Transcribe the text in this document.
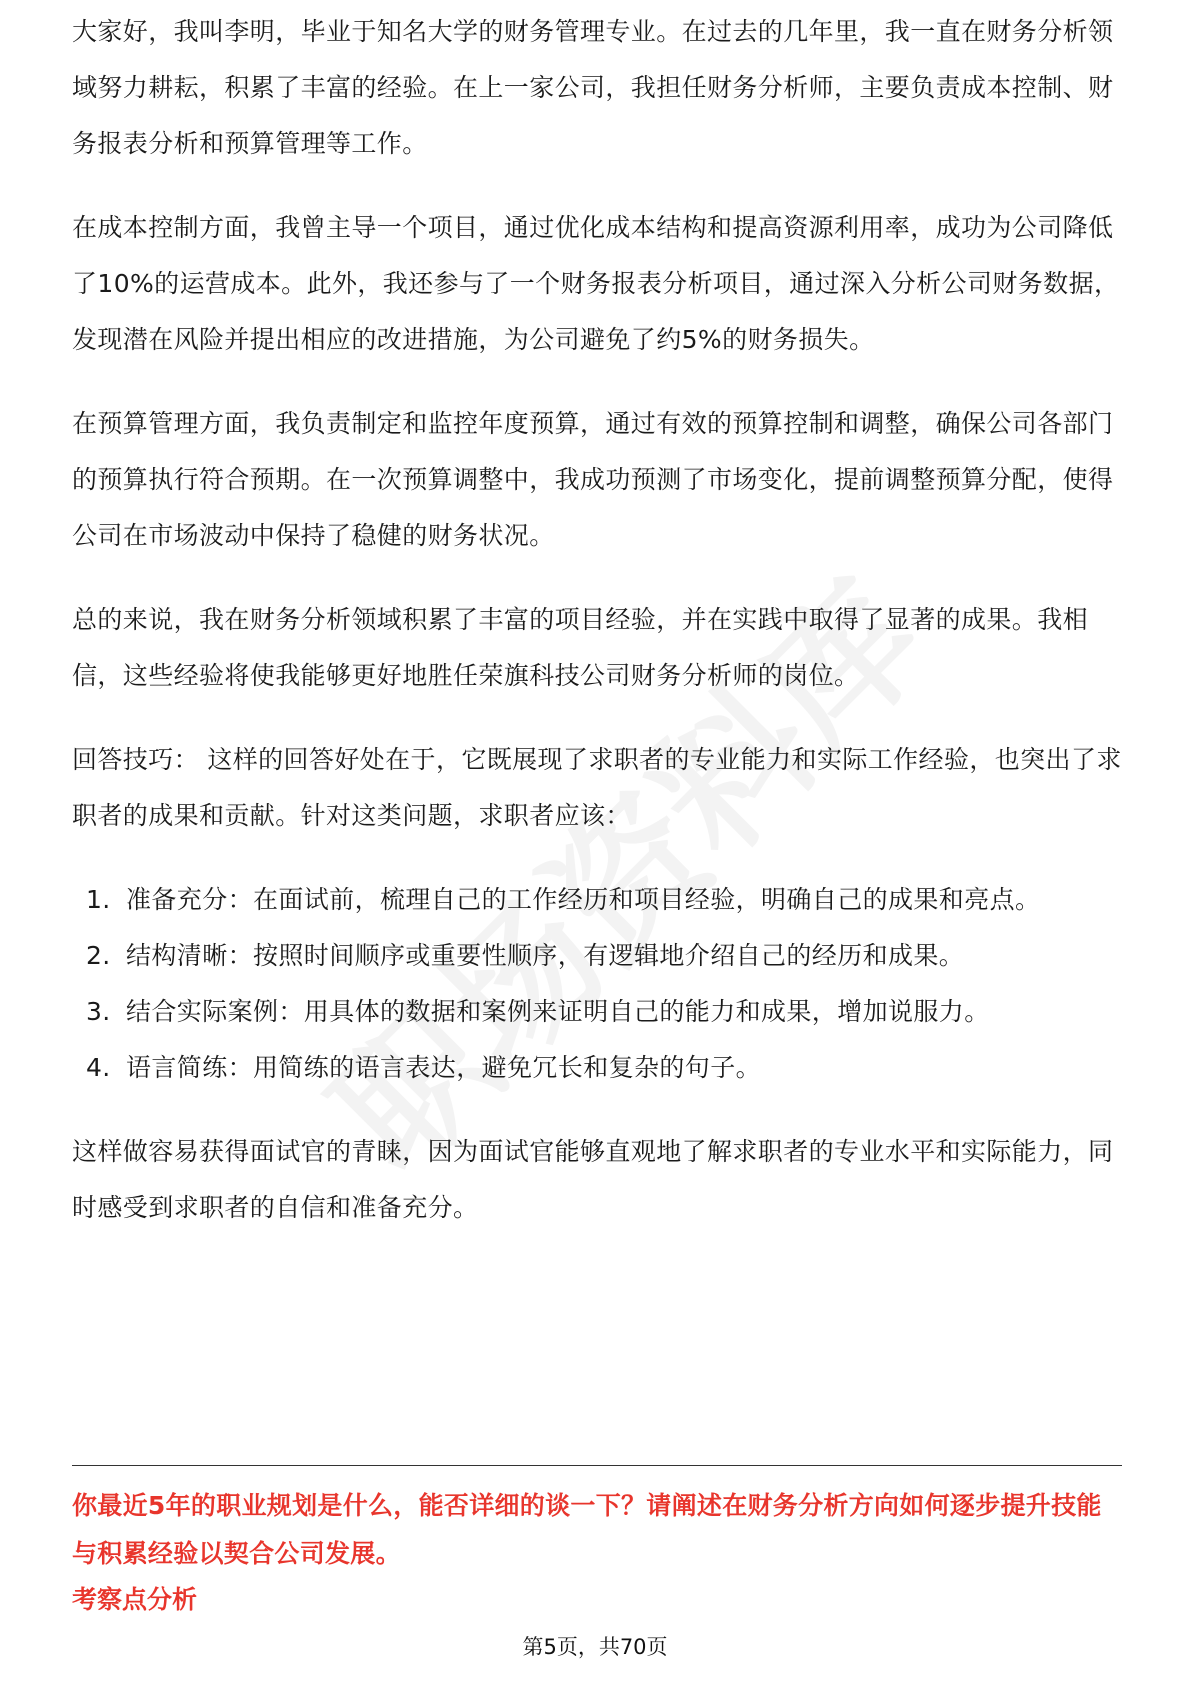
大家好，我叫李明，毕业于知名大学的财务管理专业。在过去的几年里，我一直在财务分析领域努力耕耘，积累了丰富的经验。在上一家公司，我担任财务分析师，主要负责成本控制、财务报表分析和预算管理等工作。

在成本控制方面，我曾主导一个项目，通过优化成本结构和提高资源利用率，成功为公司降低了10%的运营成本。此外，我还参与了一个财务报表分析项目，通过深入分析公司财务数据，发现潜在风险并提出相应的改进措施，为公司避免了约5%的财务损失。

在预算管理方面，我负责制定和监控年度预算，通过有效的预算控制和调整，确保公司各部门的预算执行符合预期。在一次预算调整中，我成功预测了市场变化，提前调整预算分配，使得公司在市场波动中保持了稳健的财务状况。

总的来说，我在财务分析领域积累了丰富的项目经验，并在实践中取得了显著的成果。我相信，这些经验将使我能够更好地胜任荣旗科技公司财务分析师的岗位。

回答技巧： 这样的回答好处在于，它既展现了求职者的专业能力和实际工作经验，也突出了求职者的成果和贡献。针对这类问题，求职者应该：

1. 准备充分：在面试前，梳理自己的工作经历和项目经验，明确自己的成果和亮点。
2. 结构清晰：按照时间顺序或重要性顺序，有逻辑地介绍自己的经历和成果。
3. 结合实际案例：用具体的数据和案例来证明自己的能力和成果，增加说服力。
4. 语言简练：用简练的语言表达，避免冗长和复杂的句子。

这样做容易获得面试官的青睐，因为面试官能够直观地了解求职者的专业水平和实际能力，同时感受到求职者的自信和准备充分。

你最近5年的职业规划是什么，能否详细的谈一下？请阐述在财务分析方向如何逐步提升技能与积累经验以契合公司发展。
考察点分析
第5页，共70页
